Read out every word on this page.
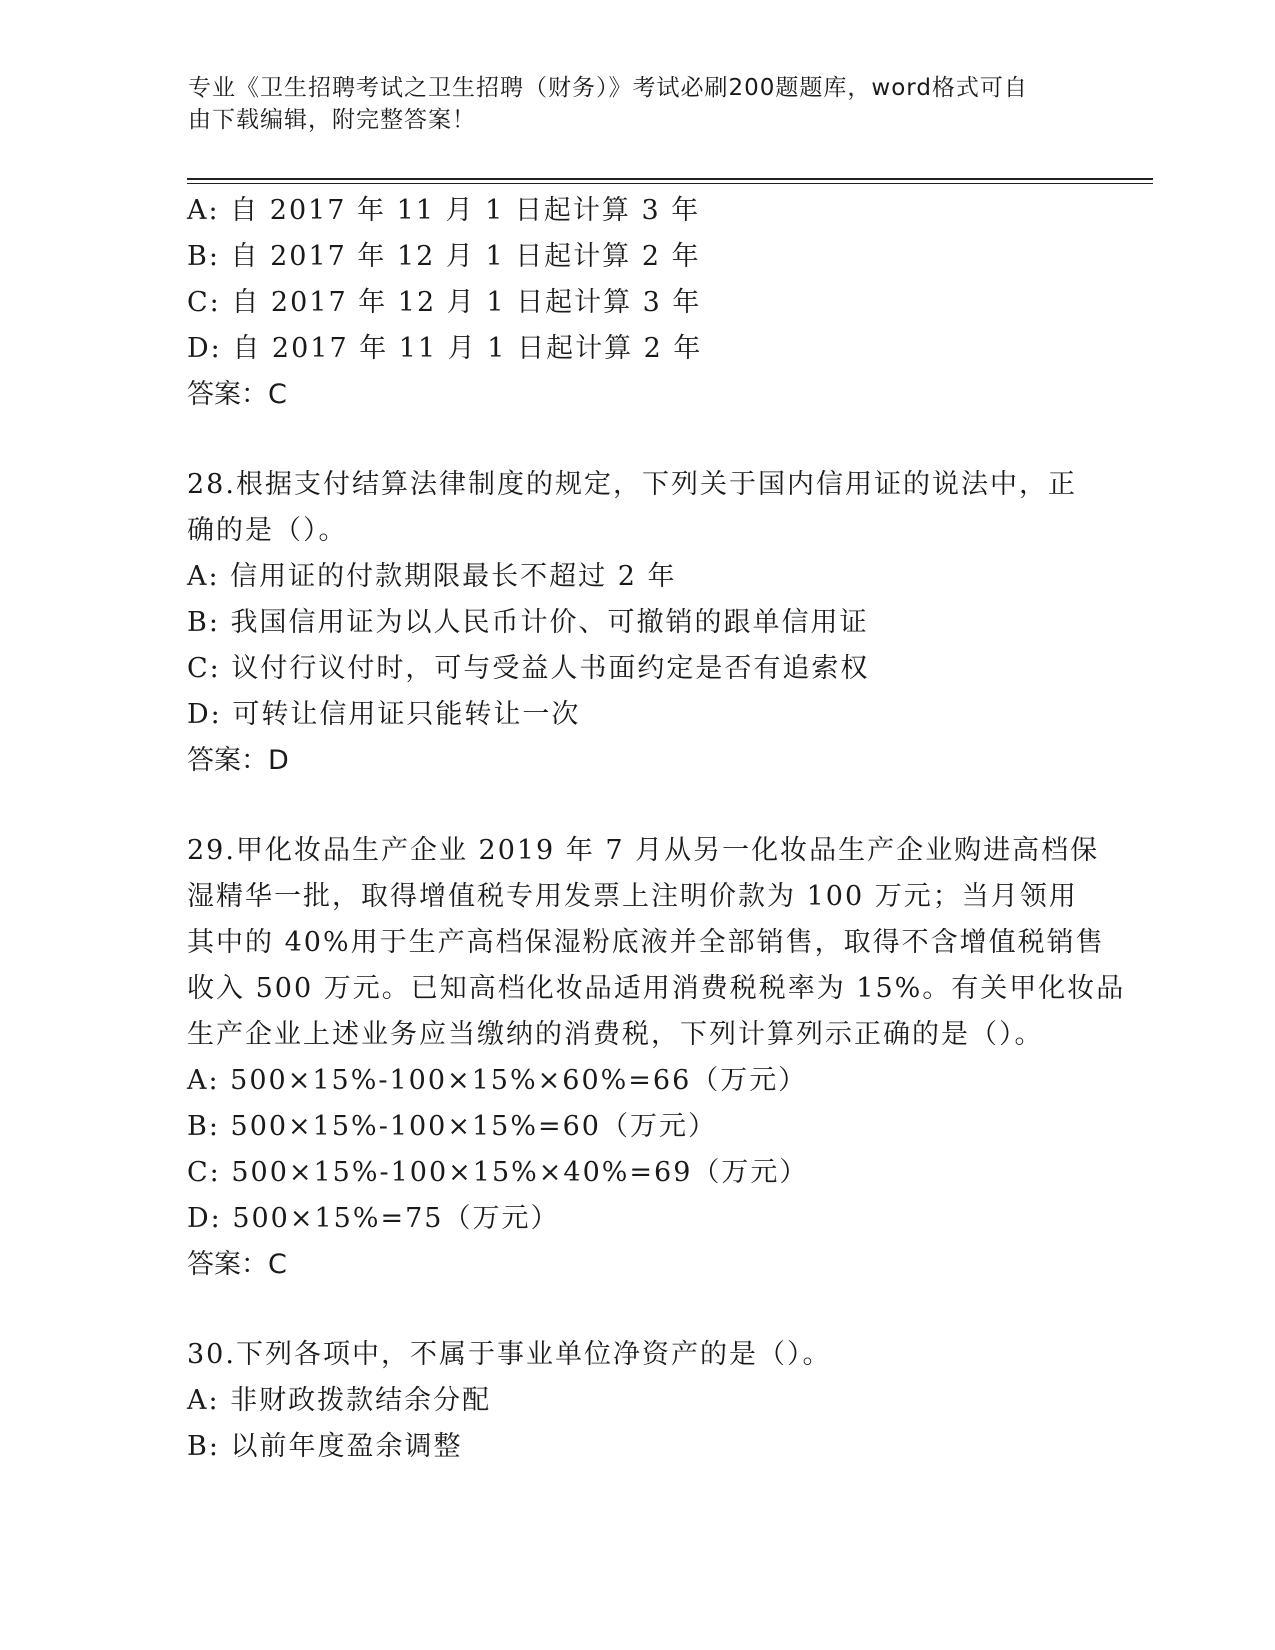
专业《卫生招聘考试之卫生招聘（财务）》考试必刷200题题库，word格式可自
由下载编辑，附完整答案！
A: 自 2017 年 11 月 1 日起计算 3 年
B: 自 2017 年 12 月 1 日起计算 2 年
C: 自 2017 年 12 月 1 日起计算 3 年
D: 自 2017 年 11 月 1 日起计算 2 年
答案：C
28.根据支付结算法律制度的规定，下列关于国内信用证的说法中，正
确的是（）。
A: 信用证的付款期限最长不超过 2 年
B: 我国信用证为以人民币计价、可撤销的跟单信用证
C: 议付行议付时，可与受益人书面约定是否有追索权
D: 可转让信用证只能转让一次
答案：D
29.甲化妆品生产企业 2019 年 7 月从另一化妆品生产企业购进高档保
湿精华一批，取得增值税专用发票上注明价款为 100 万元；当月领用
其中的 40%用于生产高档保湿粉底液并全部销售，取得不含增值税销售
收入 500 万元。已知高档化妆品适用消费税税率为 15%。有关甲化妆品
生产企业上述业务应当缴纳的消费税，下列计算列示正确的是（）。
A: 500×15%-100×15%×60%=66（万元）
B: 500×15%-100×15%=60（万元）
C: 500×15%-100×15%×40%=69（万元）
D: 500×15%=75（万元）
答案：C
30.下列各项中，不属于事业单位净资产的是（）。
A: 非财政拨款结余分配
B: 以前年度盈余调整
